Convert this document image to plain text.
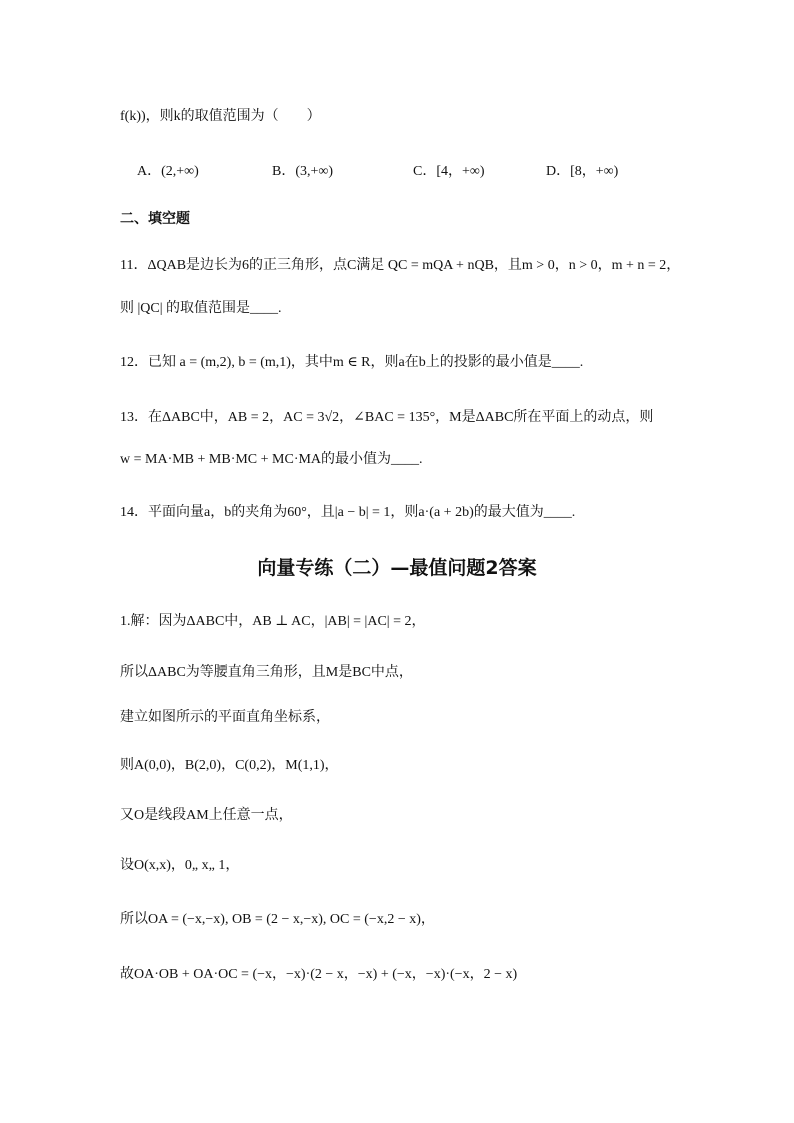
f(k))，则k的取值范围为（　　）
A．(2,+∞)	B．(3,+∞)	C．[4，+∞)	D．[8，+∞)
二、填空题
11．ΔQAB是边长为6的正三角形，点C满足 QC = mQA + nQB，且m > 0，n > 0，m + n = 2，
则 |QC| 的取值范围是____.
12．已知 a = (m,2), b = (m,1)，其中m ∈ R，则a在b上的投影的最小值是____.
13．在ΔABC中，AB = 2，AC = 3√2，∠BAC = 135°，M是ΔABC所在平面上的动点，则
w = MA·MB + MB·MC + MC·MA的最小值为____.
14．平面向量a，b的夹角为60°，且|a − b| = 1，则a·(a + 2b)的最大值为____.
向量专练（二）—最值问题2答案
1.解：因为ΔABC中，AB ⊥ AC，|AB| = |AC| = 2，
所以ΔABC为等腰直角三角形，且M是BC中点，
建立如图所示的平面直角坐标系，
则A(0,0)，B(2,0)，C(0,2)，M(1,1)，
又O是线段AM上任意一点，
设O(x,x)，0„ x„ 1，
所以OA = (−x,−x), OB = (2 − x,−x), OC = (−x,2 − x)，
故OA·OB + OA·OC = (−x，−x)·(2 − x，−x) + (−x，−x)·(−x，2 − x)
